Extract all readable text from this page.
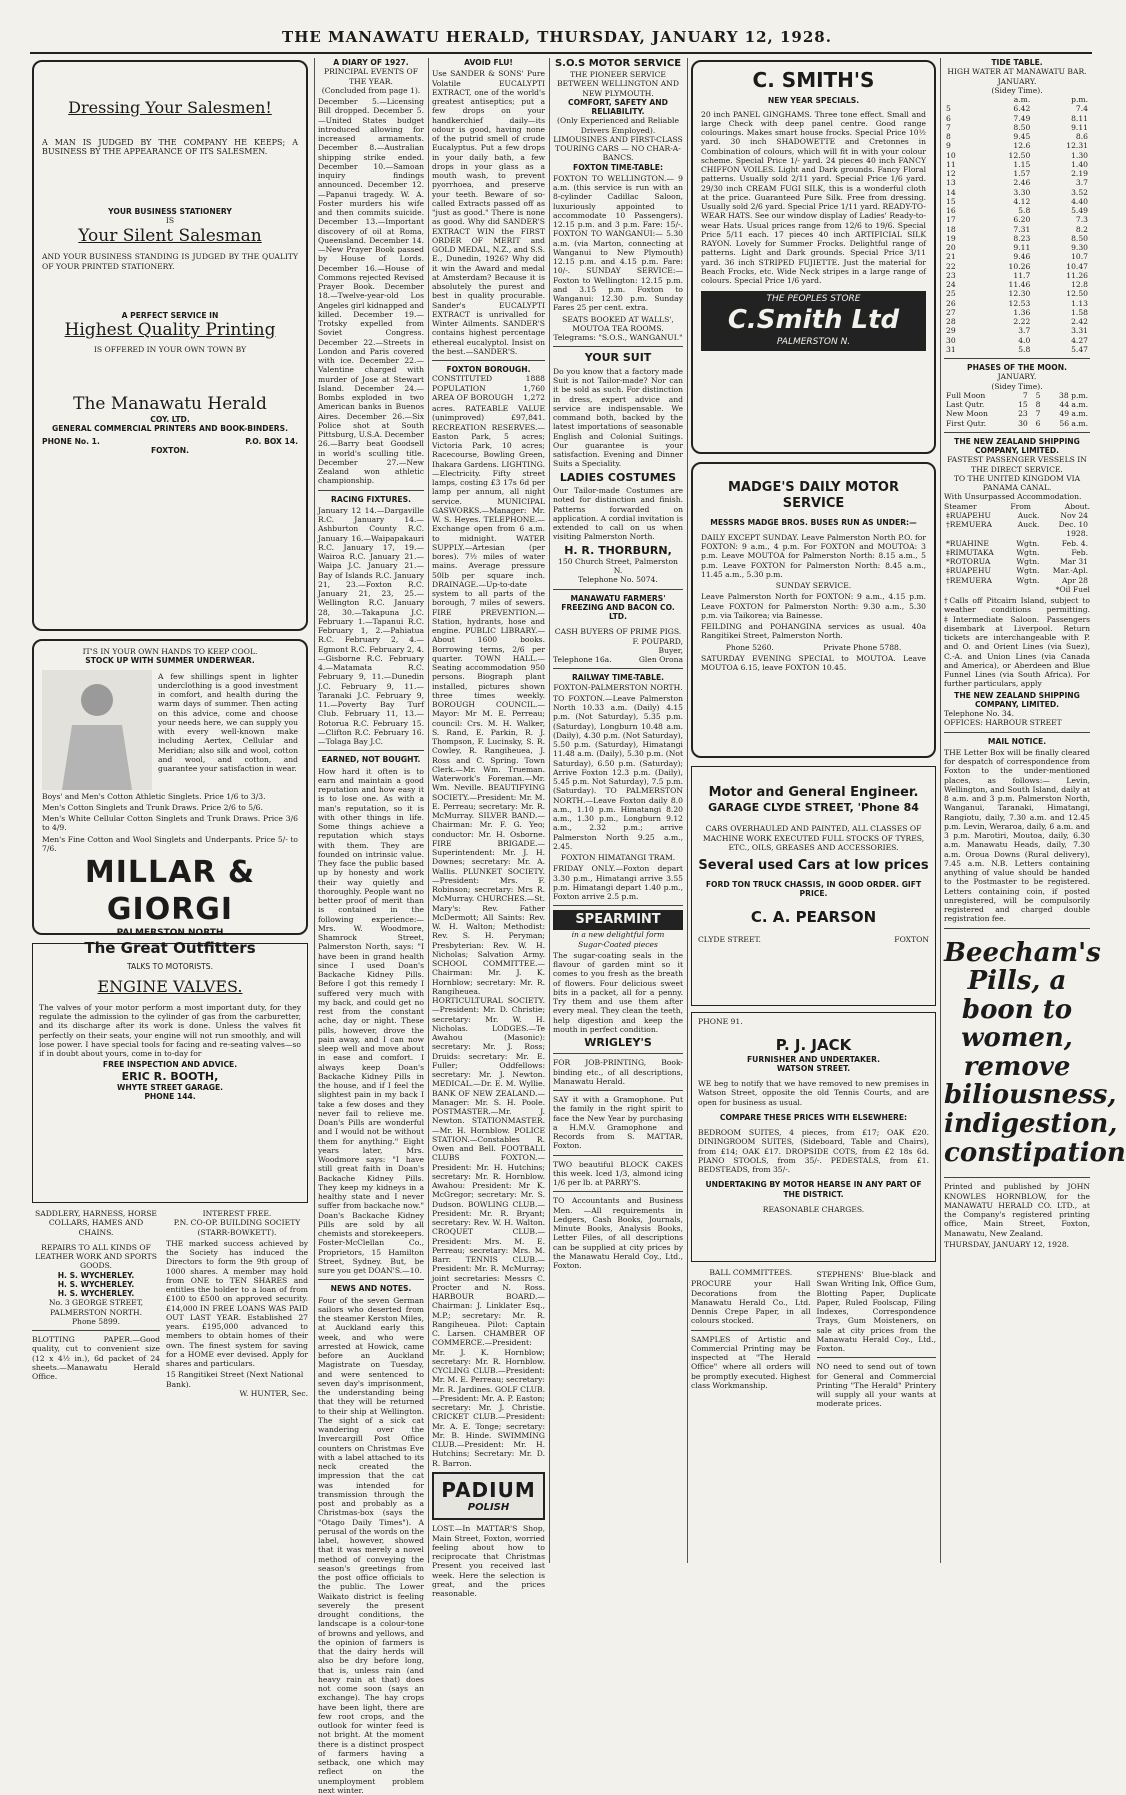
THE MANAWATU HERALD, THURSDAY, JANUARY 12, 1928.
Dressing Your Salesmen!

A MAN IS JUDGED BY THE COMPANY HE KEEPS; A BUSINESS BY THE APPEARANCE OF ITS SALESMEN.

YOUR BUSINESS STATIONERY
IS
Your Silent Salesman

AND YOUR BUSINESS STANDING IS JUDGED BY THE QUALITY OF YOUR PRINTED STATIONERY.

A PERFECT SERVICE IN
Highest Quality Printing
IS OFFERED IN YOUR OWN TOWN BY
The Manawatu Herald
COY. LTD.
GENERAL COMMERCIAL PRINTERS AND BOOK-BINDERS.
PHONE No. 1.	P.O. BOX 14.
FOXTON.
IT'S IN YOUR OWN HANDS TO KEEP COOL.
STOCK UP WITH SUMMER UNDERWEAR.

A few shillings spent in lighter underclothing is a good investment in comfort, and health during the warm days of summer. Then acting on this advice, come and choose your needs here, we can supply you with every well-known make including Aertex, Cellular and Meridian; also silk and wool, cotton and wool, and cotton, and guarantee your satisfaction in wear.

Boys' and Men's Cotton Athletic Singlets. Price 1/6 to 3/3.

Men's Cotton Singlets and Trunk Draws. Price 2/6 to 5/6.

Men's White Cellular Cotton Singlets and Trunk Draws. Price 3/6 to 4/9.

Men's Fine Cotton and Wool Singlets and Underpants. Price 5/- to 7/6.

MILLAR & GIORGI
PALMERSTON NORTH
The Great Outfitters
TALKS TO MOTORISTS.
ENGINE VALVES.

The valves of your motor perform a most important duty, for they regulate the admission to the cylinder of gas from the carburetter, and its discharge after its work is done. Unless the valves fit perfectly on their seats, your engine will not run smoothly, and will lose power. I have special tools for facing and re-seating valves—so if in doubt about yours, come in to-day for

FREE INSPECTION AND ADVICE.
ERIC R. BOOTH,
WHYTE STREET GARAGE.
PHONE 144.
SADDLERY, HARNESS, HORSE COLLARS, HAMES AND CHAINS.
REPAIRS TO ALL KINDS OF LEATHER WORK AND SPORTS GOODS.
H. S. WYCHERLEY.
H. S. WYCHERLEY.
H. S. WYCHERLEY.
No. 3 GEORGE STREET, PALMERSTON NORTH.
Phone 5899.

BLOTTING PAPER.—Good quality, cut to convenient size (12 x 4½ in.), 6d packet of 24 sheets.—Manawatu Herald Office.

INTEREST FREE.
P.N. CO-OP. BUILDING SOCIETY (STARR-BOWKETT).

THE marked success achieved by the Society has induced the Directors to form the 9th group of 1000 shares. A member may hold from ONE to TEN SHARES and entitles the holder to a loan of from £100 to £500 on approved security. £14,000 IN FREE LOANS WAS PAID OUT LAST YEAR. Established 27 years. £195,000 advanced to members to obtain homes of their own. The finest system for saving for a HOME ever devised. Apply for shares and particulars.

15 Rangitikei Street (Next National Bank).
W. HUNTER, Sec.
A DIARY OF 1927.
PRINCIPAL EVENTS OF THE YEAR.
(Concluded from page 1).

December 5.—Licensing Bill dropped. December 5.—United States budget introduced allowing for increased armaments. December 8.—Australian shipping strike ended. December 10.—Samoan inquiry findings announced. December 12.—Papanui tragedy. W. A. Foster murders his wife and then commits suicide. December 13.—Important discovery of oil at Roma, Queensland. December 14.—New Prayer Book passed by House of Lords. December 16.—House of Commons rejected Revised Prayer Book. December 18.—Twelve-year-old Los Angeles girl kidnapped and killed. December 19.—Trotsky expelled from Soviet Congress. December 22.—Streets in London and Paris covered with ice. December 22.—Valentine charged with murder of Jose at Stewart Island. December 24.—Bombs exploded in two American banks in Buenos Aires. December 26.—Six Police shot at South Pittsburg, U.S.A. December 26.—Barry beat Goodsell in world's sculling title. December 27.—New Zealand won athletic championship.

RACING FIXTURES.

January 12 14.—Dargaville R.C. January 14.—Ashburton County R.C. January 16.—Waipapakauri R.C. January 17, 19.—Wairoa R.C. January 21.—Waipa J.C. January 21.—Bay of Islands R.C. January 21, 23.—Foxton R.C. January 21, 23, 25.—Wellington R.C. January 28, 30.—Takapuna J.C. February 1.—Tapanui R.C. February 1, 2.—Pahiatua R.C. February 2, 4.—Egmont R.C. February 2, 4.—Gisborne R.C. February 4.—Matamata R.C. February 9, 11.—Dunedin J.C. February 9, 11.—Taranaki J.C. February 9, 11.—Poverty Bay Turf Club. February 11, 13.—Rotorua R.C. February 15.—Clifton R.C. February 16.—Tolaga Bay J.C.

EARNED, NOT BOUGHT.

How hard it often is to earn and maintain a good reputation and how easy it is to lose one. As with a man's reputation, so it is with other things in life. Some things achieve a reputation which stays with them. They are founded on intrinsic value. They face the public based up by honesty and work their way quietly and thoroughly. People want no better proof of merit than is contained in the following experience:—Mrs. W. Woodmore, Shamrock Street, Palmerston North, says: "I have been in grand health since I used Doan's Backache Kidney Pills. Before I got this remedy I suffered very much with my back, and could get no rest from the constant ache, day or night. These pills, however, drove the pain away, and I can now sleep well and move about in ease and comfort. I always keep Doan's Backache Kidney Pills in the house, and if I feel the slightest pain in my back I take a few doses and they never fail to relieve me. Doan's Pills are wonderful and I would not be without them for anything." Eight years later, Mrs. Woodmore says: "I have still great faith in Doan's Backache Kidney Pills. They keep my kidneys in a healthy state and I never suffer from backache now." Doan's Backache Kidney Pills are sold by all chemists and storekeepers. Foster-McClellan Co., Proprietors, 15 Hamilton Street, Sydney. But, be sure you get DOAN'S.—10.

NEWS AND NOTES.

Four of the seven German sailors who deserted from the steamer Kerston Miles, at Auckland early this week, and who were arrested at Howick, came before an Auckland Magistrate on Tuesday, and were sentenced to seven day's imprisonment, the understanding being that they will be returned to their ship at Wellington. The sight of a sick cat wandering over the Invercargill Post Office counters on Christmas Eve with a label attached to its neck created the impression that the cat was intended for transmission through the post and probably as a Christmas-box (says the "Otago Daily Times"). A perusal of the words on the label, however, showed that it was merely a novel method of conveying the season's greetings from the post office officials to the public. The Lower Waikato district is feeling severely the present drought conditions, the landscape is a colour-tone of browns and yellows, and the opinion of farmers is that the dairy herds will also be dry before long, that is, unless rain (and heavy rain at that) does not come soon (says an exchange). The hay crops have been light, there are few root crops, and the outlook for winter feed is not bright. At the moment there is a distinct prospect of farmers having a setback, one which may reflect on the unemployment problem next winter.

AVOID FLU!

Use SANDER & SONS' Pure Volatile EUCALYPTI EXTRACT, one of the world's greatest antiseptics; put a few drops on your handkerchief daily—its odour is good, having none of the putrid smell of crude Eucalyptus. Put a few drops in your daily bath, a few drops in your glass as a mouth wash, to prevent pyorrhoea, and preserve your teeth. Beware of so-called Extracts passed off as "just as good." There is none as good. Why did SANDER'S EXTRACT WIN the FIRST ORDER OF MERIT and GOLD MEDAL, N.Z., and S.S. E., Dunedin, 1926? Why did it win the Award and medal at Amsterdam? Because it is absolutely the purest and best in quality procurable. Sander's EUCALYPTI EXTRACT is unrivalled for Winter Ailments. SANDER'S contains highest percentage ethereal eucalyptol. Insist on the best.—SANDER'S.

FOXTON BOROUGH.
CONSTITUTED	1888
POPULATION	1,760
AREA OF BOROUGH 1,272

acres. RATEABLE VALUE (unimproved) £97,841. RECREATION RESERVES.—Easton Park, 5 acres; Victoria Park, 10 acres; Racecourse, Bowling Green, Ihakara Gardens. LIGHTING.—Electricity. Fifty street lamps, costing £3 17s 6d per lamp per annum, all night service. MUNICIPAL GASWORKS.—Manager: Mr. W. S. Heyes. TELEPHONE.—Exchange open from 6 a.m. to midnight. WATER SUPPLY.—Artesian (per bores). 7½ miles of water mains. Average pressure 50lb per square inch. DRAINAGE.—Up-to-date system to all parts of the borough, 7 miles of sewers. FIRE PREVENTION.—Station, hydrants, hose and engine. PUBLIC LIBRARY.—About 1600 books. Borrowing terms, 2/6 per quarter. TOWN HALL.—Seating accommodation 950 persons. Biograph plant installed, pictures shown three times weekly. BOROUGH COUNCIL.—Mayor: Mr M. E. Perreau; council: Crs. M. H. Walker, S. Rand, E. Parkin, R. J. Thompson, F. Lucinsky, S. R. Cowley, R. Rangiheuea, J. Ross and C. Spring. Town Clerk.—Mr. Wm. Trueman. Waterwork's Foreman.—Mr. Wm. Neville. BEAUTIFYING SOCIETY.—President: Mr. M. E. Perreau; secretary: Mr. R. McMurray. SILVER BAND.—Chairman: Mr. F. G. Yeo; conductor: Mr. H. Osborne. FIRE BRIGADE.—Superintendent: Mr. J. H. Downes; secretary: Mr. A. Wallis. PLUNKET SOCIETY.—President: Mrs. F. Robinson; secretary: Mrs R. McMurray. CHURCHES.—St. Mary's: Rev. Father McDermott; All Saints: Rev. W. H. Walton; Methodist: Rev. S. H. Peryman; Presbyterian: Rev. W. H. Nicholas; Salvation Army. SCHOOL COMMITTEE.—Chairman: Mr. J. K. Hornblow; secretary: Mr. R. Rangiheuea. HORTICULTURAL SOCIETY.—President: Mr. D. Christie; secretary: Mr. W. H. Nicholas. LODGES.—Te Awahou (Masonic): secretary: Mr. J. Ross; Druids: secretary: Mr. E. Fuller; Oddfellows: secretary: Mr. J. Newton. MEDICAL.—Dr. E. M. Wyllie. BANK OF NEW ZEALAND.—Manager: Mr. S. H. Poole. POSTMASTER.—Mr. J. Newton. STATIONMASTER.—Mr. H. Hornblow. POLICE STATION.—Constables R. Owen and Bell. FOOTBALL CLUBS FOXTON.—President: Mr. H. Hutchins; secretary: Mr. R. Hornblow. Awahou: President: Mr K. McGregor; secretary: Mr. S. Dudson. BOWLING CLUB.—President: Mr. R. Bryant; secretary: Rev. W. H. Walton. CROQUET CLUB.—President: Mrs. M. E. Perreau; secretary: Mrs. M. Barr. TENNIS CLUB.—President: Mr. R. McMurray; joint secretaries: Messrs C. Procter and N. Ross. HARBOUR BOARD.—Chairman: J. Linklater Esq., M.P.; secretary: Mr. R. Rangiheuea. Pilot: Captain C. Larsen. CHAMBER OF COMMERCE.—President: Mr. J. K. Hornblow; secretary: Mr. R. Hornblow. CYCLING CLUB.—President: Mr. M. E. Perreau; secretary: Mr. R. Jardines. GOLF CLUB.—President: Mr. A. P. Easton; secretary: Mr. J. Christie. CRICKET CLUB.—President: Mr. A. E. Tonge; secretary: Mr. B. Hinde. SWIMMING CLUB.—President: Mr. H. Hutchins; Secretary: Mr. D. R. Barron.

PADIUM
POLISH

LOST.—In MATTAR'S Shop, Main Street, Foxton, worried feeling about how to reciprocate that Christmas Present you received last week. Here the selection is great, and the prices reasonable.

S.O.S MOTOR SERVICE
THE PIONEER SERVICE BETWEEN WELLINGTON AND NEW PLYMOUTH.
COMFORT, SAFETY AND RELIABILITY.
(Only Experienced and Reliable Drivers Employed).
LIMOUSINES AND FIRST-CLASS TOURING CARS — NO CHAR-A-BANCS.
FOXTON TIME-TABLE:

FOXTON TO WELLINGTON.— 9 a.m. (this service is run with an 8-cylinder Cadillac Saloon, luxuriously appointed to accommodate 10 Passengers). 12.15 p.m. and 3 p.m. Fare: 15/-. FOXTON TO WANGANUI:— 5.30 a.m. (via Marton, connecting at Wanganui to New Plymouth) 12.15 p.m. and 4.15 p.m. Fare: 10/-. SUNDAY SERVICE:— Foxton to Wellington: 12.15 p.m. and 3.15 p.m. Foxton to Wanganui: 12.30 p.m. Sunday Fares 25 per cent. extra.

SEATS BOOKED AT WALLS', MOUTOA TEA ROOMS.
Telegrams: "S.O.S., WANGANUI."
YOUR SUIT

Do you know that a factory made Suit is not Tailor-made? Nor can it be sold as such. For distinction in dress, expert advice and service are indispensable. We command both, backed by the latest importations of seasonable English and Colonial Suitings. Our guarantee is your satisfaction. Evening and Dinner Suits a Speciality.

LADIES COSTUMES

Our Tailor-made Costumes are noted for distinction and finish. Patterns forwarded on application. A cordial invitation is extended to call on us when visiting Palmerston North.

H. R. THORBURN,
150 Church Street, Palmerston N.
Telephone No. 5074.
MANAWATU FARMERS' FREEZING AND BACON CO. LTD.
CASH BUYERS OF PRIME PIGS.
F. POUPARD,
Buyer,
Telephone 16a.	Glen Orona
RAILWAY TIME-TABLE.
FOXTON-PALMERSTON NORTH.

TO FOXTON.—Leave Palmerston North 10.33 a.m. (Daily) 4.15 p.m. (Not Saturday), 5.35 p.m. (Saturday), Longburn 10.48 a.m. (Daily), 4.30 p.m. (Not Saturday), 5.50 p.m. (Saturday), Himatangi 11.48 a.m. (Daily), 5.30 p.m. (Not Saturday), 6.50 p.m. (Saturday); Arrive Foxton 12.3 p.m. (Daily), 5.45 p.m. Not Saturday), 7.5 p.m. (Saturday). TO PALMERSTON NORTH.—Leave Foxton daily 8.0 a.m., 1.10 p.m. Himatangi 8.20 a.m., 1.30 p.m., Longburn 9.12 a.m., 2.32 p.m.; arrive Palmerston North 9.25 a.m., 2.45.

FOXTON HIMATANGI TRAM.

FRIDAY ONLY.—Foxton depart 3.30 p.m., Himatangi arrive 3.55 p.m. Himatangi depart 1.40 p.m., Foxton arrive 2.5 p.m.

SPEARMINT
in a new delightful form
Sugar-Coated pieces

The sugar-coating seals in the flavour of garden mint so it comes to you fresh as the breath of flowers. Four delicious sweet bits in a packet, all for a penny. Try them and use them after every meal. They clean the teeth, help digestion and keep the mouth in perfect condition.

WRIGLEY'S

FOR JOB-PRINTING, Book-binding etc., of all descriptions, Manawatu Herald.

SAY it with a Gramophone. Put the family in the right spirit to face the New Year by purchasing a H.M.V. Gramophone and Records from S. MATTAR, Foxton.

TWO beautiful BLOCK CAKES this week. Iced 1/3, almond icing 1/6 per lb. at PARRY'S.

TO Accountants and Business Men. —All requirements in Ledgers, Cash Books, Journals, Minute Books, Analysis Books, Letter Files, of all descriptions can be supplied at city prices by the Manawatu Herald Coy., Ltd., Foxton.

C. SMITH'S
NEW YEAR SPECIALS.

20 inch PANEL GINGHAMS. Three tone effect. Small and large Check with deep panel centre. Good range colourings. Makes smart house frocks. Special Price 10½ yard. 30 inch SHADOWETTE and Cretonnes in Combination of colours, which will fit in with your colour scheme. Special Price 1/- yard. 24 pieces 40 inch FANCY CHIFFON VOILES. Light and Dark grounds. Fancy Floral patterns. Usually sold 2/11 yard. Special Price 1/6 yard. 29/30 inch CREAM FUGI SILK, this is a wonderful cloth at the price. Guaranteed Pure Silk. Free from dressing. Usually sold 2/6 yard. Special Price 1/11 yard. READY-TO-WEAR HATS. See our window display of Ladies' Ready-to-wear Hats. Usual prices range from 12/6 to 19/6. Special Price 5/11 each. 17 pieces 40 inch ARTIFICIAL SILK RAYON. Lovely for Summer Frocks. Delightful range of patterns. Light and Dark grounds. Special Price 3/11 yard. 36 inch STRIPED FUJIETTE. Just the material for Beach Frocks, etc. Wide Neck stripes in a large range of colours. Special Price 1/6 yard.

THE PEOPLES STORE
C.Smith Ltd
PALMERSTON N.
MADGE'S DAILY MOTOR SERVICE
MESSRS MADGE BROS. BUSES RUN AS UNDER:—

DAILY EXCEPT SUNDAY. Leave Palmerston North P.O. for FOXTON: 9 a.m., 4 p.m. For FOXTON and MOUTOA: 3 p.m. Leave MOUTOA for Palmerston North: 8.15 a.m., 5 p.m. Leave FOXTON for Palmerston North: 8.45 a.m., 11.45 a.m., 5.30 p.m.

SUNDAY SERVICE.

Leave Palmerston North for FOXTON: 9 a.m., 4.15 p.m. Leave FOXTON for Palmerston North: 9.30 a.m., 5.30 p.m. via Taikorea; via Bainesse.

FEILDING and POHANGINA services as usual. 40a Rangitikei Street, Palmerston North.

Phone 5260.	Private Phone 5788.

SATURDAY EVENING SPECIAL to MOUTOA. Leave MOUTOA 6.15, leave FOXTON 10.45.

Motor and General Engineer.
GARAGE CLYDE STREET, 'Phone 84

CARS OVERHAULED AND PAINTED, ALL CLASSES OF MACHINE WORK EXECUTED FULL STOCKS OF TYRES, ETC., OILS, GREASES AND ACCESSORIES.

Several used Cars at low prices
FORD TON TRUCK CHASSIS, IN GOOD ORDER. GIFT PRICE.
C. A. PEARSON
CLYDE STREET.	FOXTON
PHONE 91.
P. J. JACK
FURNISHER AND UNDERTAKER.
WATSON STREET.

WE beg to notify that we have removed to new premises in Watson Street, opposite the old Tennis Courts, and are open for business as usual.

COMPARE THESE PRICES WITH ELSEWHERE:

BEDROOM SUITES, 4 pieces, from £17; OAK £20. DININGROOM SUITES, (Sideboard, Table and Chairs), from £14; OAK £17. DROPSIDE COTS, from £2 18s 6d. PIANO STOOLS, from 35/-. PEDESTALS, from £1. BEDSTEADS, from 35/-.

UNDERTAKING BY MOTOR HEARSE IN ANY PART OF THE DISTRICT.
REASONABLE CHARGES.
BALL COMMITTEES.

PROCURE your Hall Decorations from the Manawatu Herald Co., Ltd. Dennis Crepe Paper, in all colours stocked.

SAMPLES of Artistic and Commercial Printing may be inspected at "The Herald Office" where all orders will be promptly executed. Highest class Workmanship.

STEPHENS' Blue-black and Swan Writing Ink, Office Gum, Blotting Paper, Duplicate Paper, Ruled Foolscap, Filing Indexes, Correspondence Trays, Gum Moisteners, on sale at city prices from the Manawatu Herald Coy., Ltd., Foxton.

NO need to send out of town for General and Commercial Printing "The Herald" Printery will supply all your wants at moderate prices.

TIDE TABLE.
HIGH WATER AT MANAWATU BAR.
JANUARY.
(Sidey Time).
	a.m.	p.m.
5	6.42	7.4
6	7.49	8.11
7	8.50	9.11
8	9.45	8.6
9	12.6	12.31
10	12.50	1.30
11	1.15	1.40
12	1.57	2.19
13	2.46	3.7
14	3.30	3.52
15	4.12	4.40
16	5.8	5.49
17	6.20	7.3
18	7.31	8.2
19	8.23	8.50
20	9.11	9.30
21	9.46	10.7
22	10.26	10.47
23	11.7	11.26
24	11.46	12.8
25	12.30	12.50
26	12.53	1.13
27	1.36	1.58
28	2.22	2.42
29	3.7	3.31
30	4.0	4.27
31	5.8	5.47
PHASES OF THE MOON.
JANUARY.
(Sidey Time).
Full Moon	7	5	38 p.m.
Last Qutr.	15	8	44 a.m.
New Moon	23	7	49 a.m.
First Qutr.	30	6	56 a.m.
THE NEW ZEALAND SHIPPING COMPANY, LIMITED.
FASTEST PASSENGER VESSELS IN THE DIRECT SERVICE.
TO THE UNITED KINGDOM VIA PANAMA CANAL.
With Unsurpassed Accommodation.
Steamer	From	About.
‡RUAPEHU	Auck.	Nov 24
†REMUERA	Auck.	Dec. 10
		1928.
*RUAHINE	Wgtn.	Feb. 4.
‡RIMUTAKA	Wgtn.	Feb.
*ROTORUA	Wgtn.	Mar 31
‡RUAPEHU	Wgtn.	Mar.-Apl.
†REMUERA	Wgtn.	Apr 28
*Oil Fuel

†Calls off Pitcairn Island, subject to weather conditions permitting. ‡Intermediate Saloon. Passengers disembark at Liverpool. Return tickets are interchangeable with P. and O. and Orient Lines (via Suez), C.-A. and Union Lines (via Canada and America), or Aberdeen and Blue Funnel Lines (via South Africa). For further particulars, apply

THE NEW ZEALAND SHIPPING COMPANY, LIMITED.
Telephone No. 34.
OFFICES: HARBOUR STREET
MAIL NOTICE.

THE Letter Box will be finally cleared for despatch of correspondence from Foxton to the under-mentioned places, as follows:— Levin, Wellington, and South Island, daily at 8 a.m. and 3 p.m. Palmerston North, Wanganui, Taranaki, Himatangi, Rangiotu, daily, 7.30 a.m. and 12.45 p.m. Levin, Weraroa, daily, 6 a.m. and 3 p.m. Marotiri, Moutoa, daily, 6.30 a.m. Manawatu Heads, daily, 7.30 a.m. Oroua Downs (Rural delivery), 7.45 a.m. N.B. Letters containing anything of value should be handed to the Postmaster to be registered. Letters containing coin, if posted unregistered, will be compulsorily registered and charged double registration fee.

Beecham's Pills, a boon to women, remove biliousness, indigestion, constipation

Printed and published by JOHN KNOWLES HORNBLOW, for the MANAWATU HERALD CO. LTD., at the Company's registered printing office, Main Street, Foxton, Manawatu, New Zealand.

THURSDAY, JANUARY 12, 1928.
